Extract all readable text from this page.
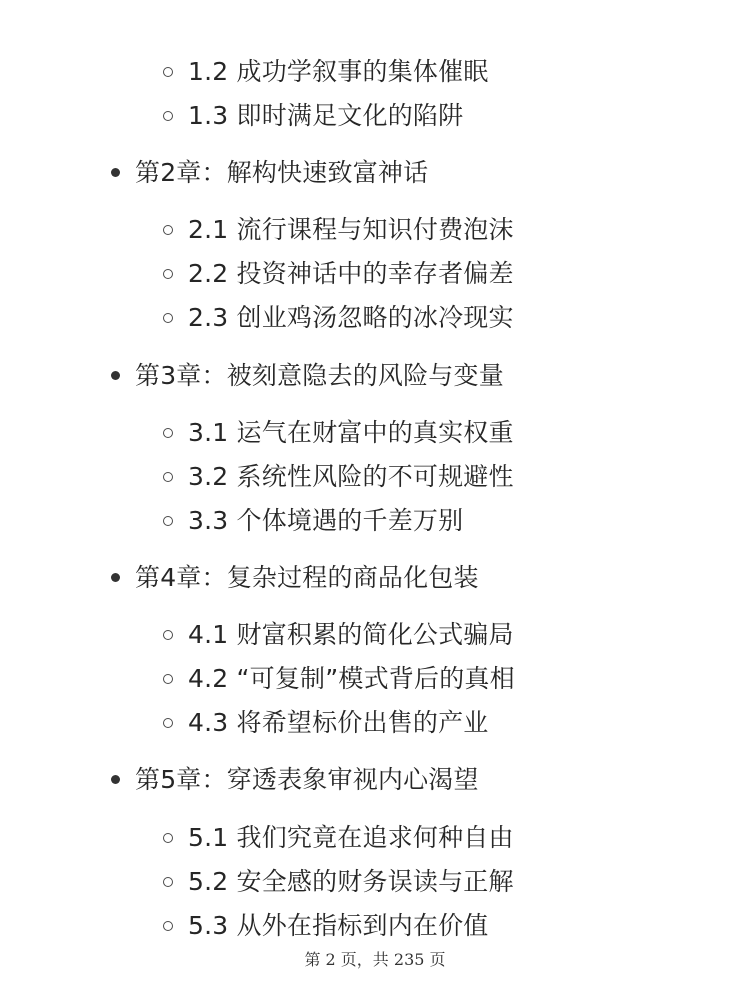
1.2 成功学叙事的集体催眠
1.3 即时满足文化的陷阱
第2章：解构快速致富神话
2.1 流行课程与知识付费泡沫
2.2 投资神话中的幸存者偏差
2.3 创业鸡汤忽略的冰冷现实
第3章：被刻意隐去的风险与变量
3.1 运气在财富中的真实权重
3.2 系统性风险的不可规避性
3.3 个体境遇的千差万别
第4章：复杂过程的商品化包装
4.1 财富积累的简化公式骗局
4.2 “可复制”模式背后的真相
4.3 将希望标价出售的产业
第5章：穿透表象审视内心渴望
5.1 我们究竟在追求何种自由
5.2 安全感的财务误读与正解
5.3 从外在指标到内在价值
第 2 页，共 235 页
